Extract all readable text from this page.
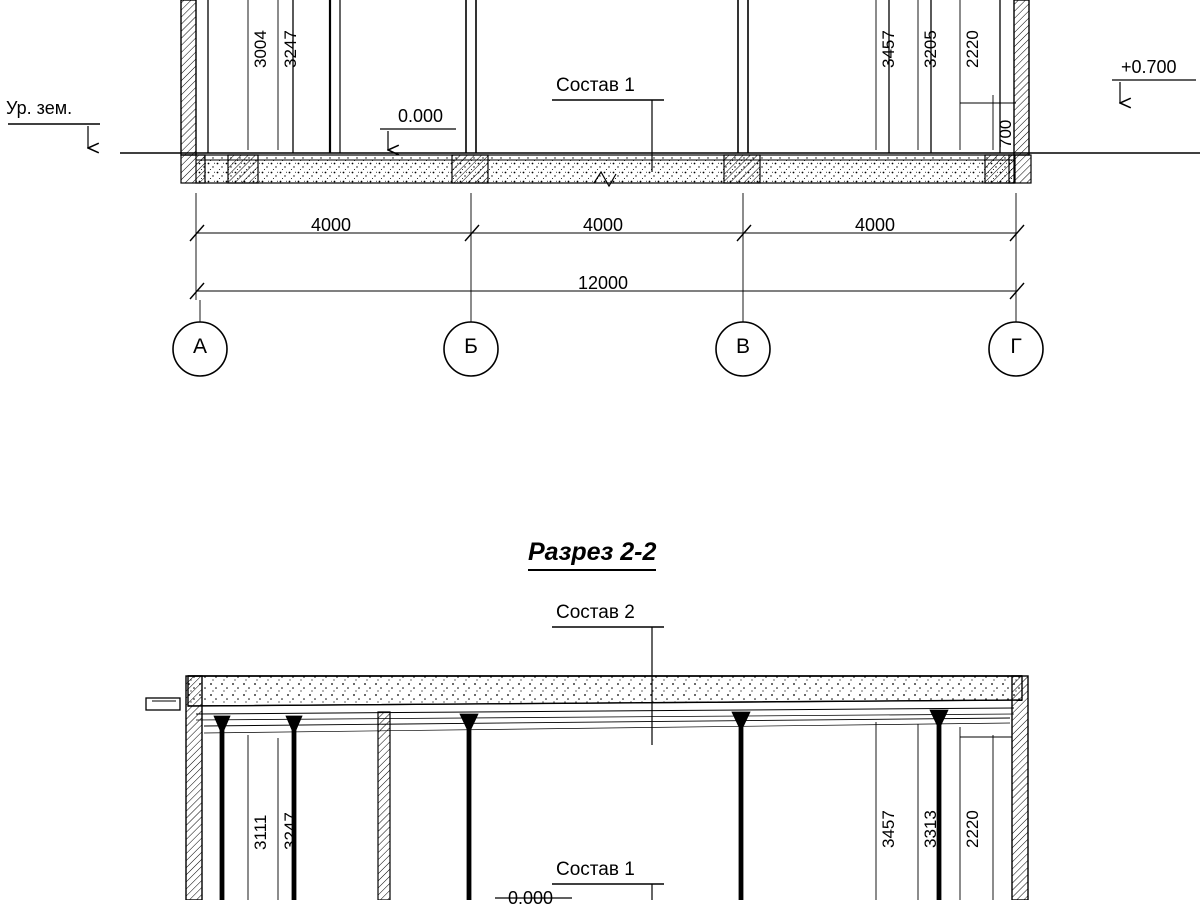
3004 3247	3457 3205 2220
700
Ур. зем.	0.000
+0.700
Состав 1
4000	4000	4000
12000
А	Б	В	Г
Разрез 2-2
Состав 2
Состав 1
0.000
3111 3247	3457 3313 2220
